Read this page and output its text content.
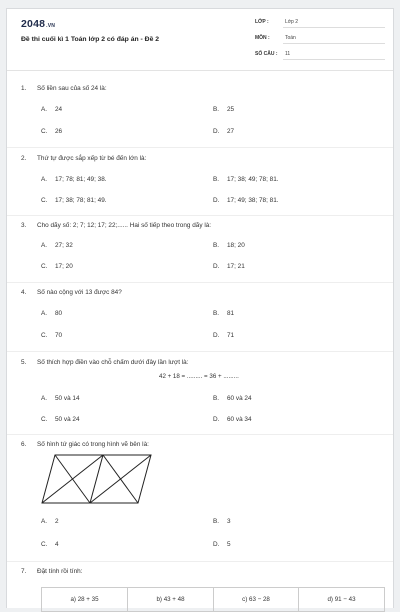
2048.VN
Đề thi cuối kì 1 Toán lớp 2 có đáp án - Đề 2
LỚP :	Lớp 2
MÔN :	Toán
SỐ CÂU : 11
1. Số liền sau của số 24 là:
A. 24	B. 25
C. 26	D. 27
2. Thứ tự được sắp xếp từ bé đến lớn là:
A. 17; 78; 81; 49; 38.	B. 17; 38; 49; 78; 81.
C. 17; 38; 78; 81; 49.	D. 17; 49; 38; 78; 81.
3. Cho dãy số: 2; 7; 12; 17; 22;...... Hai số tiếp theo trong dãy là:
A. 27; 32	B. 18; 20
C. 17; 20	D. 17; 21
4. Số nào cộng với 13 được 84?
A. 80	B. 81
C. 70	D. 71
5. Số thích hợp điền vào chỗ chấm dưới đây lần lượt là:
42 + 18 = ......... = 36 + .........
A. 50 và 14	B. 60 và 24
C. 50 và 24	D. 60 và 34
6. Số hình tứ giác có trong hình vẽ bên là:
A. 2	B. 3
C. 4	D. 5
7. Đặt tính rồi tính:
a) 28 + 35	b) 43 + 48	c) 63 − 28	d) 91 − 43
